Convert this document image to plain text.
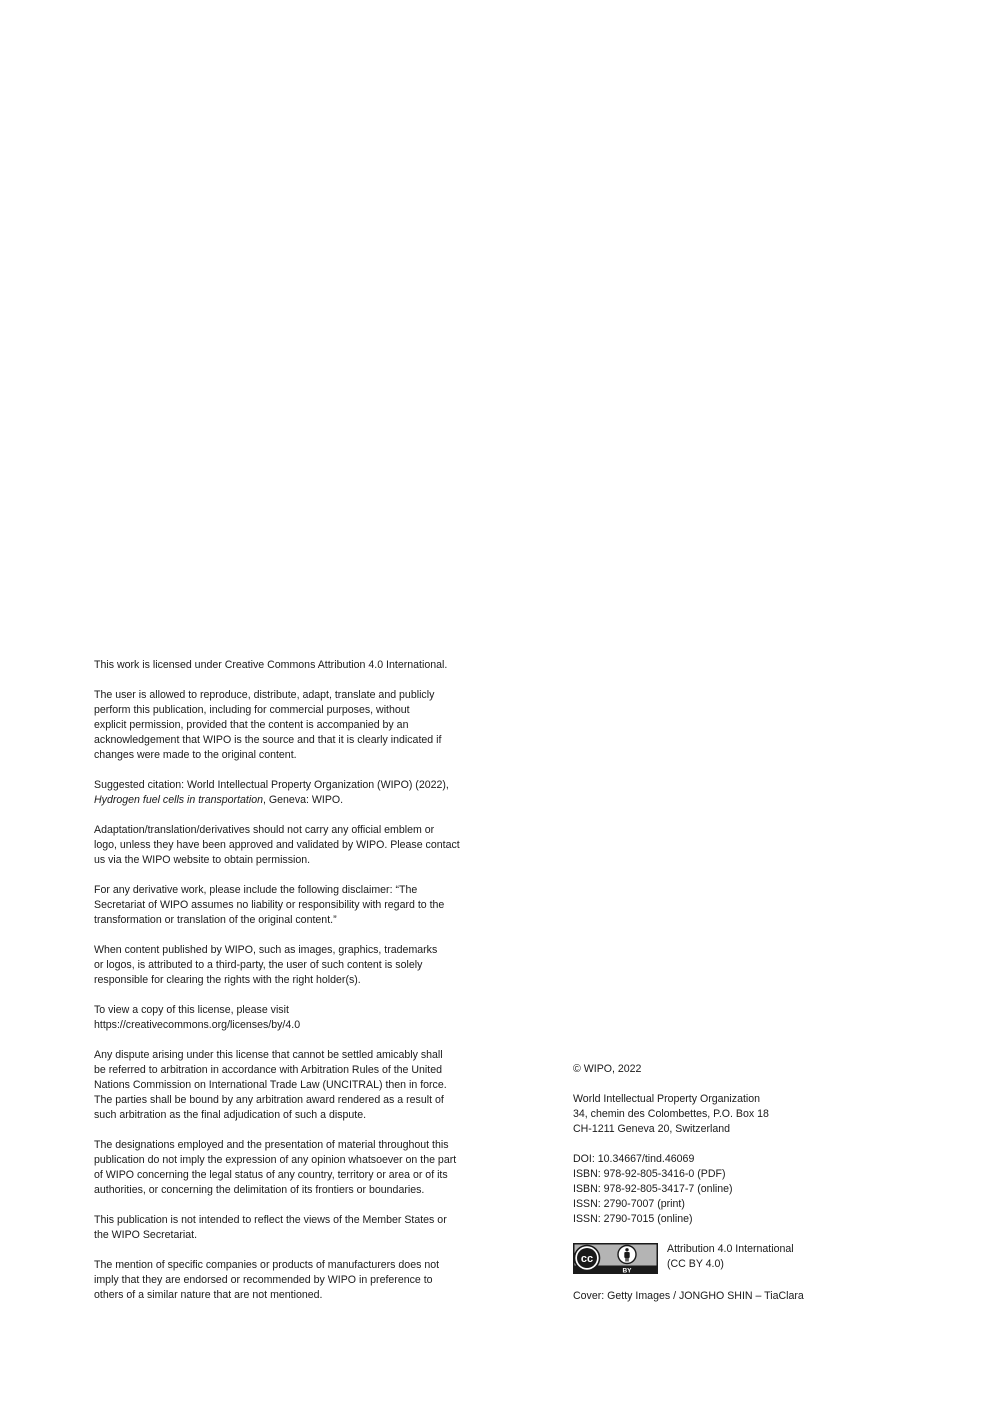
This work is licensed under Creative Commons Attribution 4.0 International.

The user is allowed to reproduce, distribute, adapt, translate and publicly
perform this publication, including for commercial purposes, without
explicit permission, provided that the content is accompanied by an
acknowledgement that WIPO is the source and that it is clearly indicated if
changes were made to the original content.

Suggested citation: World Intellectual Property Organization (WIPO) (2022),
Hydrogen fuel cells in transportation, Geneva: WIPO.

Adaptation/translation/derivatives should not carry any official emblem or
logo, unless they have been approved and validated by WIPO. Please contact
us via the WIPO website to obtain permission.

For any derivative work, please include the following disclaimer: “The
Secretariat of WIPO assumes no liability or responsibility with regard to the
transformation or translation of the original content.”

When content published by WIPO, such as images, graphics, trademarks
or logos, is attributed to a third-party, the user of such content is solely
responsible for clearing the rights with the right holder(s).

To view a copy of this license, please visit
https://creativecommons.org/licenses/by/4.0

Any dispute arising under this license that cannot be settled amicably shall
be referred to arbitration in accordance with Arbitration Rules of the United
Nations Commission on International Trade Law (UNCITRAL) then in force.
The parties shall be bound by any arbitration award rendered as a result of
such arbitration as the final adjudication of such a dispute.

The designations employed and the presentation of material throughout this
publication do not imply the expression of any opinion whatsoever on the part
of WIPO concerning the legal status of any country, territory or area or of its
authorities, or concerning the delimitation of its frontiers or boundaries.

This publication is not intended to reflect the views of the Member States or
the WIPO Secretariat.

The mention of specific companies or products of manufacturers does not
imply that they are endorsed or recommended by WIPO in preference to
others of a similar nature that are not mentioned.

© WIPO, 2022

World Intellectual Property Organization
34, chemin des Colombettes, P.O. Box 18
CH-1211 Geneva 20, Switzerland

DOI: 10.34667/tind.46069
ISBN: 978-92-805-3416-0 (PDF)
ISBN: 978-92-805-3417-7 (online)
ISSN: 2790-7007 (print)
ISSN: 2790-7015 (online)

cc
BY
Attribution 4.0 International
(CC BY 4.0)

Cover: Getty Images / JONGHO SHIN – TiaClara
